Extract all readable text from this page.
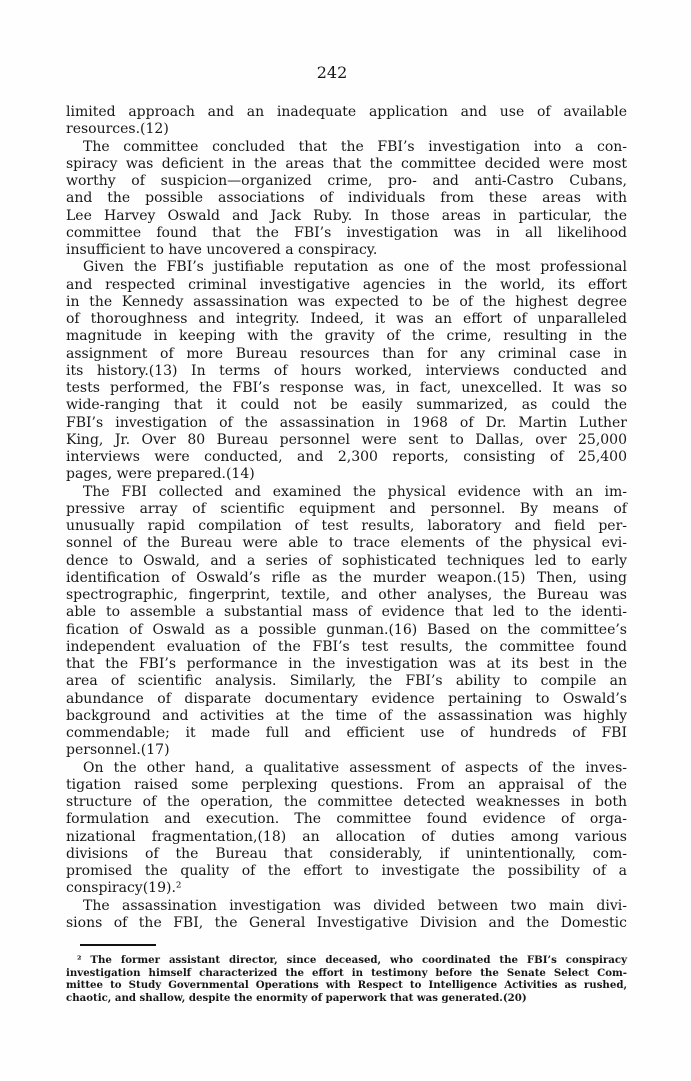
242
limited approach and an inadequate application and use of available
resources.(12)
The committee concluded that the FBI’s investigation into a con-
spiracy was deficient in the areas that the committee decided were most
worthy of suspicion—organized crime, pro- and anti-Castro Cubans,
and the possible associations of individuals from these areas with
Lee Harvey Oswald and Jack Ruby. In those areas in particular, the
committee found that the FBI’s investigation was in all likelihood
insufficient to have uncovered a conspiracy.
Given the FBI’s justifiable reputation as one of the most professional
and respected criminal investigative agencies in the world, its effort
in the Kennedy assassination was expected to be of the highest degree
of thoroughness and integrity. Indeed, it was an effort of unparalleled
magnitude in keeping with the gravity of the crime, resulting in the
assignment of more Bureau resources than for any criminal case in
its history.(13) In terms of hours worked, interviews conducted and
tests performed, the FBI’s response was, in fact, unexcelled. It was so
wide-ranging that it could not be easily summarized, as could the
FBI’s investigation of the assassination in 1968 of Dr. Martin Luther
King, Jr. Over 80 Bureau personnel were sent to Dallas, over 25,000
interviews were conducted, and 2,300 reports, consisting of 25,400
pages, were prepared.(14)
The FBI collected and examined the physical evidence with an im-
pressive array of scientific equipment and personnel. By means of
unusually rapid compilation of test results, laboratory and field per-
sonnel of the Bureau were able to trace elements of the physical evi-
dence to Oswald, and a series of sophisticated techniques led to early
identification of Oswald’s rifle as the murder weapon.(15) Then, using
spectrographic, fingerprint, textile, and other analyses, the Bureau was
able to assemble a substantial mass of evidence that led to the identi-
fication of Oswald as a possible gunman.(16) Based on the committee’s
independent evaluation of the FBI’s test results, the committee found
that the FBI’s performance in the investigation was at its best in the
area of scientific analysis. Similarly, the FBI’s ability to compile an
abundance of disparate documentary evidence pertaining to Oswald’s
background and activities at the time of the assassination was highly
commendable; it made full and efficient use of hundreds of FBI
personnel.(17)
On the other hand, a qualitative assessment of aspects of the inves-
tigation raised some perplexing questions. From an appraisal of the
structure of the operation, the committee detected weaknesses in both
formulation and execution. The committee found evidence of orga-
nizational fragmentation,(18) an allocation of duties among various
divisions of the Bureau that considerably, if unintentionally, com-
promised the quality of the effort to investigate the possibility of a
conspiracy(19).²
The assassination investigation was divided between two main divi-
sions of the FBI, the General Investigative Division and the Domestic
² The former assistant director, since deceased, who coordinated the FBI’s conspiracy
investigation himself characterized the effort in testimony before the Senate Select Com-
mittee to Study Governmental Operations with Respect to Intelligence Activities as rushed,
chaotic, and shallow, despite the enormity of paperwork that was generated.(20)
